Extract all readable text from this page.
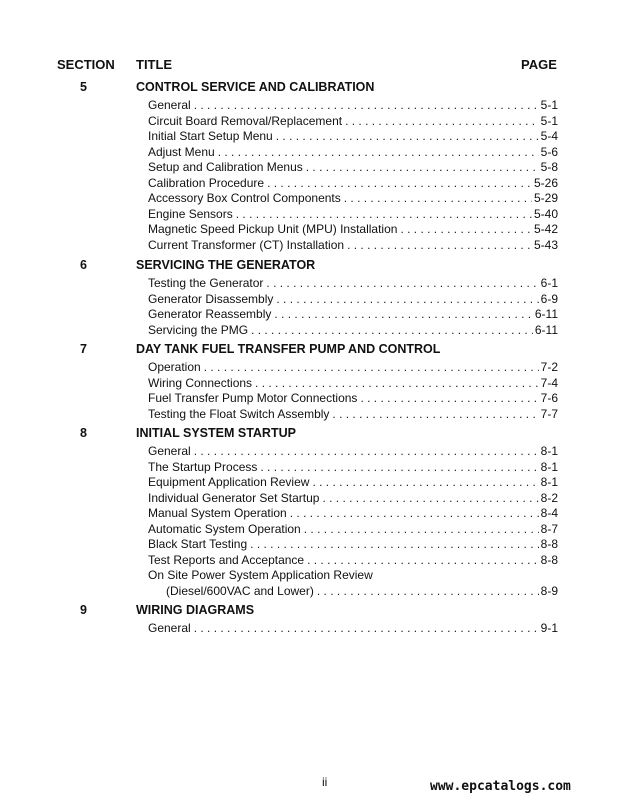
SECTION TITLE	PAGE
5	CONTROL SERVICE AND CALIBRATION
General . . .	5-1
Circuit Board Removal/Replacement . . .	5-1
Initial Start Setup Menu . . .	5-4
Adjust Menu . . .	5-6
Setup and Calibration Menus . . .	5-8
Calibration Procedure . . .	5-26
Accessory Box Control Components . . .	5-29
Engine Sensors . . .	5-40
Magnetic Speed Pickup Unit (MPU) Installation . . .	5-42
Current Transformer (CT) Installation . . .	5-43
6	SERVICING THE GENERATOR
Testing the Generator . . .	6-1
Generator Disassembly . . .	6-9
Generator Reassembly . . .	6-11
Servicing the PMG . . .	6-11
7	DAY TANK FUEL TRANSFER PUMP AND CONTROL
Operation . . .	7-2
Wiring Connections . . .	7-4
Fuel Transfer Pump Motor Connections . . .	7-6
Testing the Float Switch Assembly . . .	7-7
8	INITIAL SYSTEM STARTUP
General . . .	8-1
The Startup Process . . .	8-1
Equipment Application Review . . .	8-1
Individual Generator Set Startup . . .	8-2
Manual System Operation . . .	8-4
Automatic System Operation . . .	8-7
Black Start Testing . . .	8-8
Test Reports and Acceptance . . .	8-8
On Site Power System Application Review
(Diesel/600VAC and Lower) . . .	8-9
9	WIRING DIAGRAMS
General . . .	9-1
ii	www.epcatalogs.com
